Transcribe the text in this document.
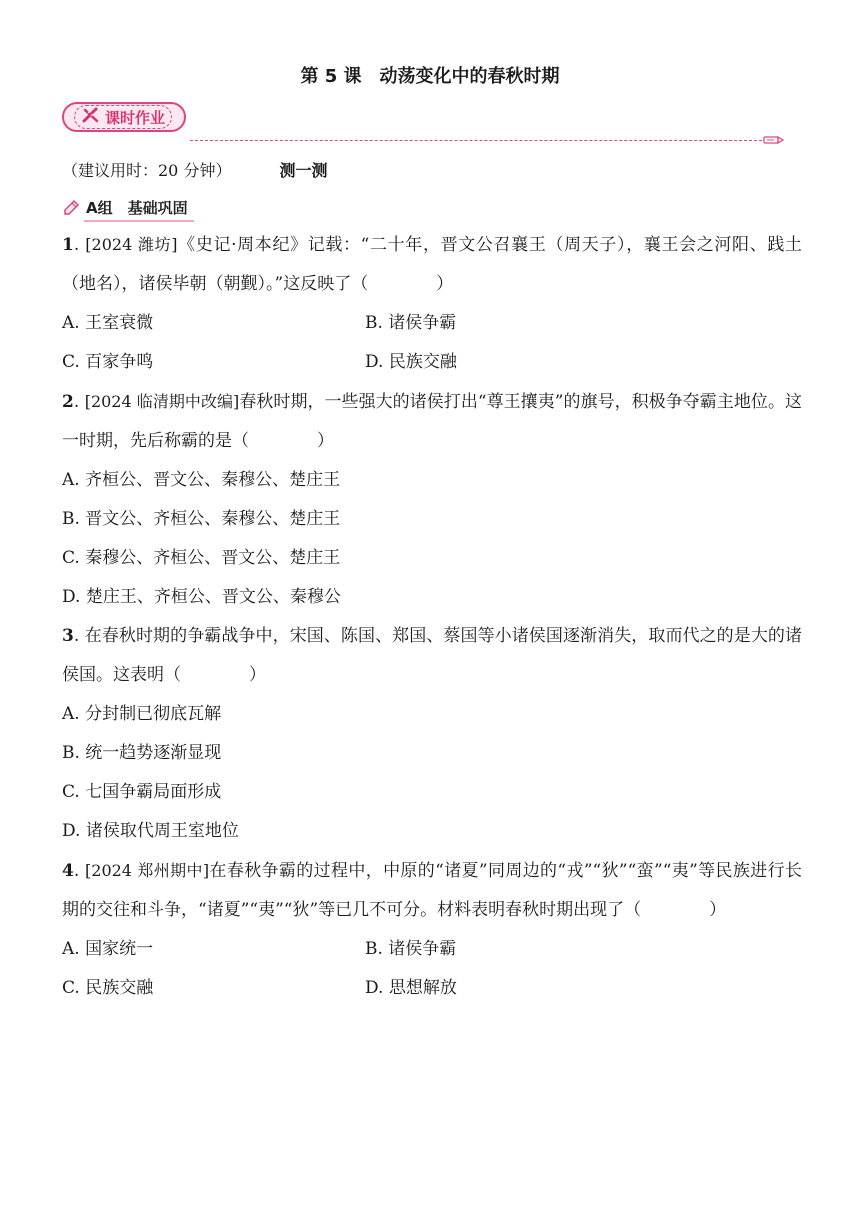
第 5 课 动荡变化中的春秋时期
课时作业
（建议用时：20 分钟）	测一测
A组　基础巩固
1. [2024 潍坊]《史记·周本纪》记载：“二十年，晋文公召襄王（周天子），襄王会之河阳、践土（地名），诸侯毕朝（朝觐）。”这反映了（	）
A. 王室衰微	B. 诸侯争霸
C. 百家争鸣	D. 民族交融
2. [2024 临清期中改编]春秋时期，一些强大的诸侯打出“尊王攘夷”的旗号，积极争夺霸主地位。这一时期，先后称霸的是（	）
A. 齐桓公、晋文公、秦穆公、楚庄王
B. 晋文公、齐桓公、秦穆公、楚庄王
C. 秦穆公、齐桓公、晋文公、楚庄王
D. 楚庄王、齐桓公、晋文公、秦穆公
3. 在春秋时期的争霸战争中，宋国、陈国、郑国、蔡国等小诸侯国逐渐消失，取而代之的是大的诸侯国。这表明（	）
A. 分封制已彻底瓦解
B. 统一趋势逐渐显现
C. 七国争霸局面形成
D. 诸侯取代周王室地位
4. [2024 郑州期中]在春秋争霸的过程中，中原的“诸夏”同周边的“戎”“狄”“蛮”“夷”等民族进行长期的交往和斗争，“诸夏”“夷”“狄”等已几不可分。材料表明春秋时期出现了（	）
A. 国家统一	B. 诸侯争霸
C. 民族交融	D. 思想解放
